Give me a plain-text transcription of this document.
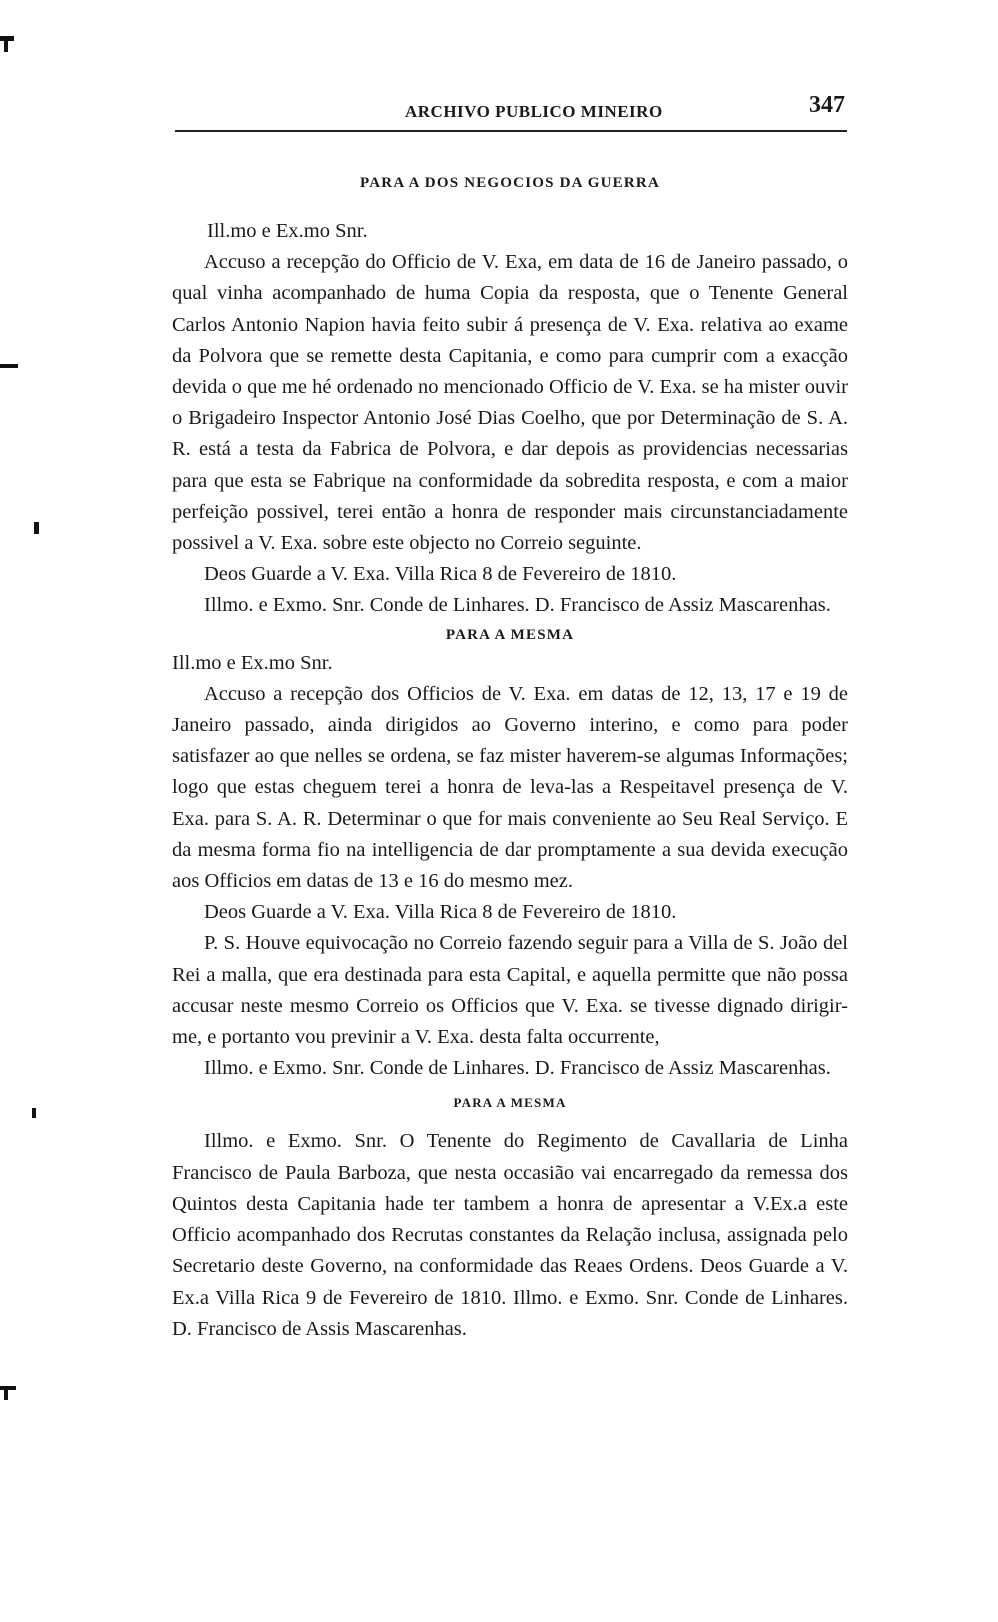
ARCHIVO PUBLICO MINEIRO	347
PARA A DOS NEGOCIOS DA GUERRA

Ill.mo e Ex.mo Snr.

Accuso a recepção do Officio de V. Exa, em data de 16 de Janeiro passado, o qual vinha acompanhado de huma Copia da resposta, que o Tenente General Carlos Antonio Napion havia feito subir á presença de V. Exa. relativa ao exame da Polvora que se remette desta Capitania, e como para cumprir com a exacção devida o que me hé ordenado no mencionado Officio de V. Exa. se ha mister ouvir o Brigadeiro Inspector Antonio José Dias Coelho, que por Determinação de S. A. R. está a testa da Fabrica de Polvora, e dar depois as providencias necessarias para que esta se Fabrique na conformidade da sobredita resposta, e com a maior perfeição possivel, terei então a honra de responder mais circunstanciadamente possivel a V. Exa. sobre este objecto no Correio seguinte.

Deos Guarde a V. Exa. Villa Rica 8 de Fevereiro de 1810.

Illmo. e Exmo. Snr. Conde de Linhares. D. Francisco de Assiz Mascarenhas.

PARA A MESMA

Ill.mo e Ex.mo Snr.

Accuso a recepção dos Officios de V. Exa. em datas de 12, 13, 17 e 19 de Janeiro passado, ainda dirigidos ao Governo interino, e como para poder satisfazer ao que nelles se ordena, se faz mister haverem-se algumas Informações; logo que estas cheguem terei a honra de leva-las a Respeitavel presença de V. Exa. para S. A. R. Determinar o que for mais conveniente ao Seu Real Serviço. E da mesma forma fio na intelligencia de dar promptamente a sua devida execução aos Officios em datas de 13 e 16 do mesmo mez.

Deos Guarde a V. Exa. Villa Rica 8 de Fevereiro de 1810.

P. S. Houve equivocação no Correio fazendo seguir para a Villa de S. João del Rei a malla, que era destinada para esta Capital, e aquella permitte que não possa accusar neste mesmo Correio os Officios que V. Exa. se tivesse dignado dirigir-me, e portanto vou previnir a V. Exa. desta falta occurrente,

Illmo. e Exmo. Snr. Conde de Linhares. D. Francisco de Assiz Mascarenhas.

PARA A MESMA

Illmo. e Exmo. Snr. O Tenente do Regimento de Cavallaria de Linha Francisco de Paula Barboza, que nesta occasião vai encarregado da remessa dos Quintos desta Capitania hade ter tambem a honra de apresentar a V.Ex.a este Officio acompanhado dos Recrutas constantes da Relação inclusa, assignada pelo Secretario deste Governo, na conformidade das Reaes Ordens. Deos Guarde a V. Ex.a Villa Rica 9 de Fevereiro de 1810. Illmo. e Exmo. Snr. Conde de Linhares. D. Francisco de Assis Mascarenhas.
